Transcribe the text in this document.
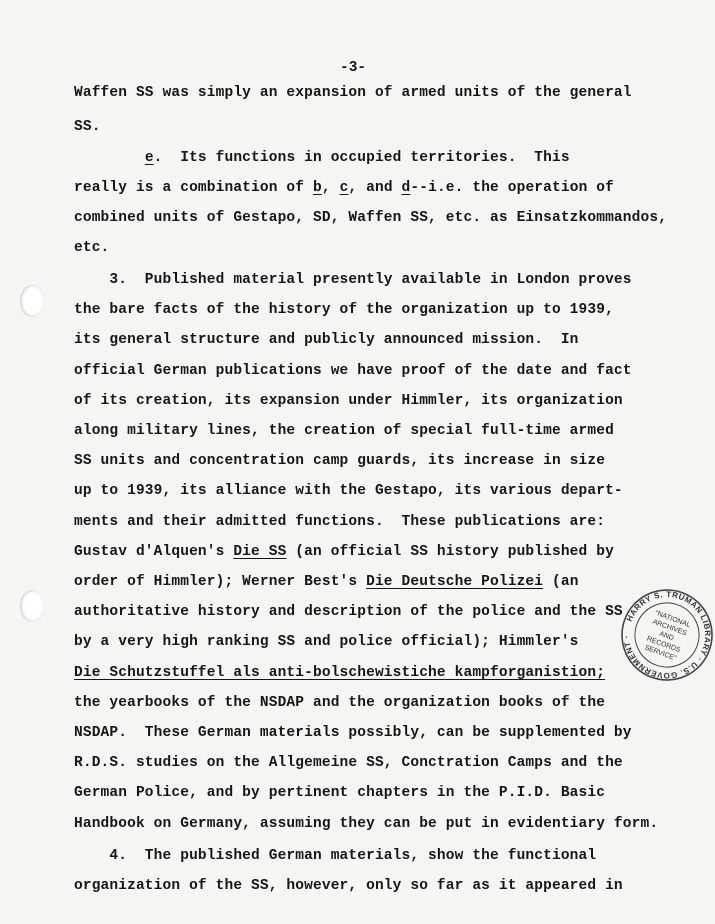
-3-
Waffen SS was simply an expansion of armed units of the general
SS.
e.  Its functions in occupied territories.  This
really is a combination of b, c, and d--i.e. the operation of
combined units of Gestapo, SD, Waffen SS, etc. as Einsatzkommandos,
etc.
3.  Published material presently available in London proves
the bare facts of the history of the organization up to 1939,
its general structure and publicly announced mission.  In
official German publications we have proof of the date and fact
of its creation, its expansion under Himmler, its organization
along military lines, the creation of special full-time armed
SS units and concentration camp guards, its increase in size
up to 1939, its alliance with the Gestapo, its various depart-
ments and their admitted functions.  These publications are:
Gustav d'Alquen's Die SS (an official SS history published by
order of Himmler); Werner Best's Die Deutsche Polizei (an
authoritative history and description of the police and the SS
by a very high ranking SS and police official); Himmler's
Die Schutzstuffel als anti-bolschewistiche kampforganistion;
the yearbooks of the NSDAP and the organization books of the
NSDAP.  These German materials possibly, can be supplemented by
R.D.S. studies on the Allgemeine SS, Conctration Camps and the
German Police, and by pertinent chapters in the P.I.D. Basic
Handbook on Germany, assuming they can be put in evidentiary form.
4.  The published German materials, show the functional
organization of the SS, however, only so far as it appeared in
HARRY S. TRUMAN LIBRARY · U.S. GOVERNMENT ·
"NATIONAL ARCHIVES AND RECORDS SERVICE"
